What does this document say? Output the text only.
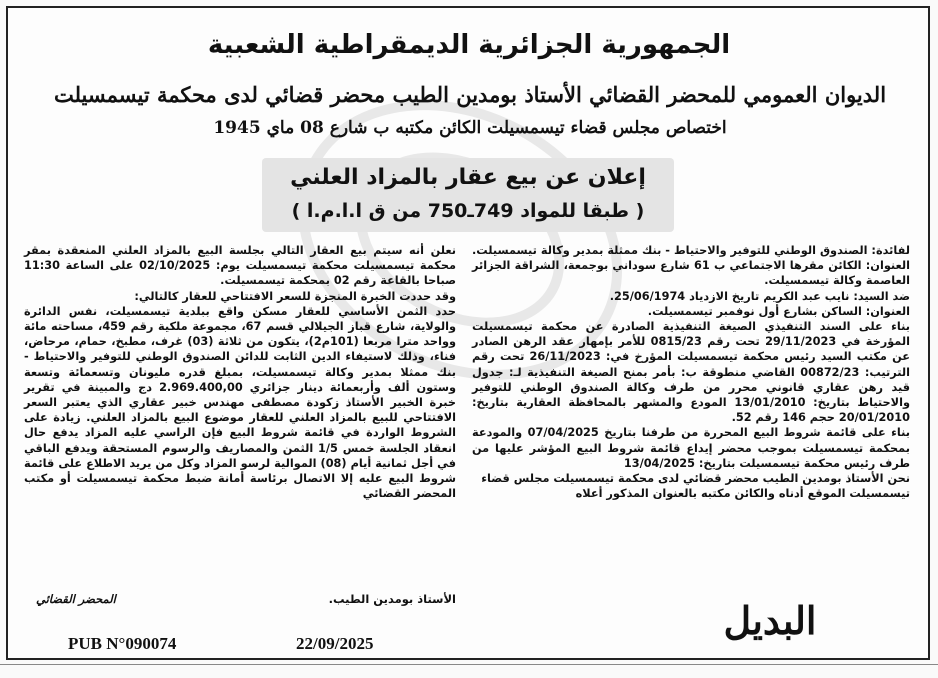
الجمهورية الجزائرية الديمقراطية الشعبية
الديوان العمومي للمحضر القضائي الأستاذ بومدين الطيب محضر قضائي لدى محكمة تيسمسيلت
اختصاص مجلس قضاء تيسمسيلت الكائن مكتبه ب شارع 08 ماي 1945
إعلان عن بيع عقار بالمزاد العلني
( طبقا للمواد 749ـ750 من ق ا.ا.م.ا )

لفائدة: الصندوق الوطني للتوفير والاحتياط - بنك ممثلة بمدير وكالة تيسمسيلت. العنوان: الكائن مقرها الاجتماعي ب 61 شارع سوداني بوجمعة، الشراقة الجزائر العاصمة وكالة تيسمسيلت.

ضد السيد: نايب عبد الكريم تاريخ الازدياد 25/06/1974.

العنوان: الساكن بشارع أول نوفمبر تيسمسيلت.

بناء على السند التنفيذي الصيغة التنفيذية الصادرة عن محكمة تيسمسيلت المؤرخة في 29/11/2023 تحت رقم 0815/23 للأمر بإمهار عقد الرهن الصادر عن مكتب السيد رئيس محكمة تيسمسيلت المؤرخ في: 26/11/2023 تحت رقم الترتيب: 00872/23 القاضي منطوقة ب: بأمر بمنح الصيغة التنفيذية لـ: جدول قيد رهن عقاري قانوني محرر من طرف وكالة الصندوق الوطني للتوفير والاحتياط بتاريخ: 13/01/2010 المودع والمشهر بالمحافظة العقارية بتاريخ: 20/01/2010 حجم 146 رقم 52.

بناء على قائمة شروط البيع المحررة من طرفنا بتاريخ 07/04/2025 والمودعة بمحكمة تيسمسيلت بموجب محضر إيداع قائمة شروط البيع المؤشر عليها من طرف رئيس محكمة تيسمسيلت بتاريخ: 13/04/2025

نحن الأستاذ بومدين الطيب محضر قضائي لدى محكمة تيسمسيلت مجلس قضاء

تيسمسيلت الموقع أدناه والكائن مكتبه بالعنوان المذكور أعلاه

نعلن أنه سيتم بيع العقار التالي بجلسة البيع بالمزاد العلني المنعقدة بمقر محكمة تيسمسيلت محكمة تيسمسيلت يوم: 02/10/2025 على الساعة 11:30 صباحا بالقاعة رقم 02 بمحكمة تيسمسيلت.

وقد حددت الخبرة المنجزة للسعر الافتتاحي للعقار كالتالي:

حدد الثمن الأساسي للعقار مسكن واقع ببلدية تيسمسيلت، نفس الدائرة والولاية، شارع قباز الجيلالي قسم 67، مجموعة ملكية رقم 459، مساحته مائة وواحد مترا مربعا (101م2)، يتكون من ثلاثة (03) غرف، مطبخ، حمام، مرحاض، فناء، وذلك لاستيفاء الدين الثابت للدائن الصندوق الوطني للتوفير والاحتياط - بنك ممثلا بمدير وكالة تيسمسيلت، بمبلغ قدره مليونان وتسعمائة وتسعة وستون ألف وأربعمائة دينار جزائري 2.969.400,00 دج والمبينة في تقرير خبرة الخبير الأستاذ زكودة مصطفى مهندس خبير عقاري الذي يعتبر السعر الافتتاحي للبيع بالمزاد العلني للعقار موضوع البيع بالمزاد العلني. زيادة على الشروط الواردة في قائمة شروط البيع فإن الراسي عليه المزاد يدفع حال انعقاد الجلسة خمس 1/5 الثمن والمصاريف والرسوم المستحقة ويدفع الباقي في أجل ثمانية أيام (08) الموالية لرسو المزاد وكل من يريد الاطلاع على قائمة شروط البيع عليه إلا الاتصال برئاسة أمانة ضبط محكمة تيسمسيلت أو مكتب المحضر القضائي

الأستاذ بومدين الطيب.
المحضر القضائي	البديل
PUB N°090074	22/09/2025
